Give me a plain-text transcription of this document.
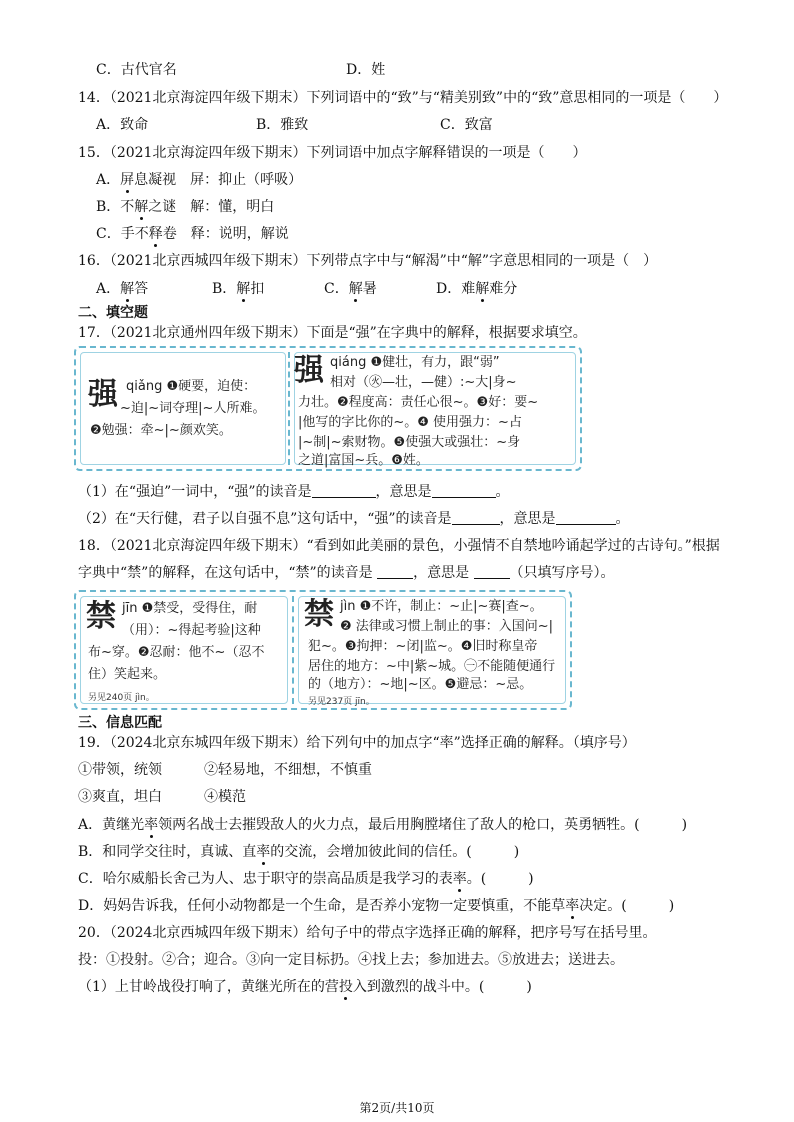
C．古代官名	D．姓
14．（2021北京海淀四年级下期末）下列词语中的“致”与“精美别致”中的“致”意思相同的一项是（　　）
A．致命	B．雅致	C．致富
15．（2021北京海淀四年级下期末）下列词语中加点字解释错误的一项是（　　）
A．屏息凝视　屏：抑止（呼吸）
B．不解之谜　解：懂，明白
C．手不释卷　释：说明，解说
16．（2021北京西城四年级下期末）下列带点字中与“解渴”中“解”字意思相同的一项是（　）
A．解答	B．解扣	C．解暑	D．难解难分
二、填空题
17．（2021北京通州四年级下期末）下面是“强”在字典中的解释，根据要求填空。
强 qiǎng ❶硬要，迫使：
~迫|~词夺理|~人所难。
❷勉强：牵~|~颜欢笑。
强 qiáng ❶健壮，有力，跟“弱”
相对（㊋—壮，—健）:~大|身~
力壮。❷程度高：责任心很~。❸好：要~
|他写的字比你的~。❹ 使用强力：~占
|~制|~索财物。❺使强大或强壮：~身
之道|富国~兵。❻姓。
（1）在“强迫”一词中，“强”的读音是	，意思是	。
（2）在“天行健，君子以自强不息”这句话中，“强”的读音是	，意思是	。
18．（2021北京海淀四年级下期末）“看到如此美丽的景色，小强情不自禁地吟诵起学过的古诗句。”根据
字典中“禁”的解释，在这句话中，“禁”的读音是	，意思是	（只填写序号）。
禁 jīn ❶禁受，受得住，耐
（用）：~得起考验|这种
布~穿。❷忍耐：他不~（忍不
住）笑起来。
另见240页 jìn。
禁 jìn ❶不许，制止：~止|~赛|查~。
❷ 法律或习惯上制止的事：入国问~|
犯~。❸拘押：~闭|监~。❹旧时称皇帝
居住的地方：~中|紫~城。㊀不能随便通行
的（地方）：~地|~区。❺避忌：~忌。
另见237页 jīn。
三、信息匹配
19．（2024北京东城四年级下期末）给下列句中的加点字“率”选择正确的解释。（填序号）
①带领，统领	②轻易地，不细想，不慎重
③爽直，坦白	④模范
A．黄继光率领两名战士去摧毁敌人的火力点，最后用胸膛堵住了敌人的枪口，英勇牺牲。(　　　)
B．和同学交往时，真诚、直率的交流，会增加彼此间的信任。(　　　)
C．哈尔威船长舍己为人、忠于职守的崇高品质是我学习的表率。(　　　)
D．妈妈告诉我，任何小动物都是一个生命，是否养小宠物一定要慎重，不能草率决定。(　　　)
20．（2024北京西城四年级下期末）给句子中的带点字选择正确的解释，把序号写在括号里。
投：①投射。②合；迎合。③向一定目标扔。④找上去；参加进去。⑤放进去；送进去。
（1）上甘岭战役打响了，黄继光所在的营投入到激烈的战斗中。(　　　)
第2页/共10页
